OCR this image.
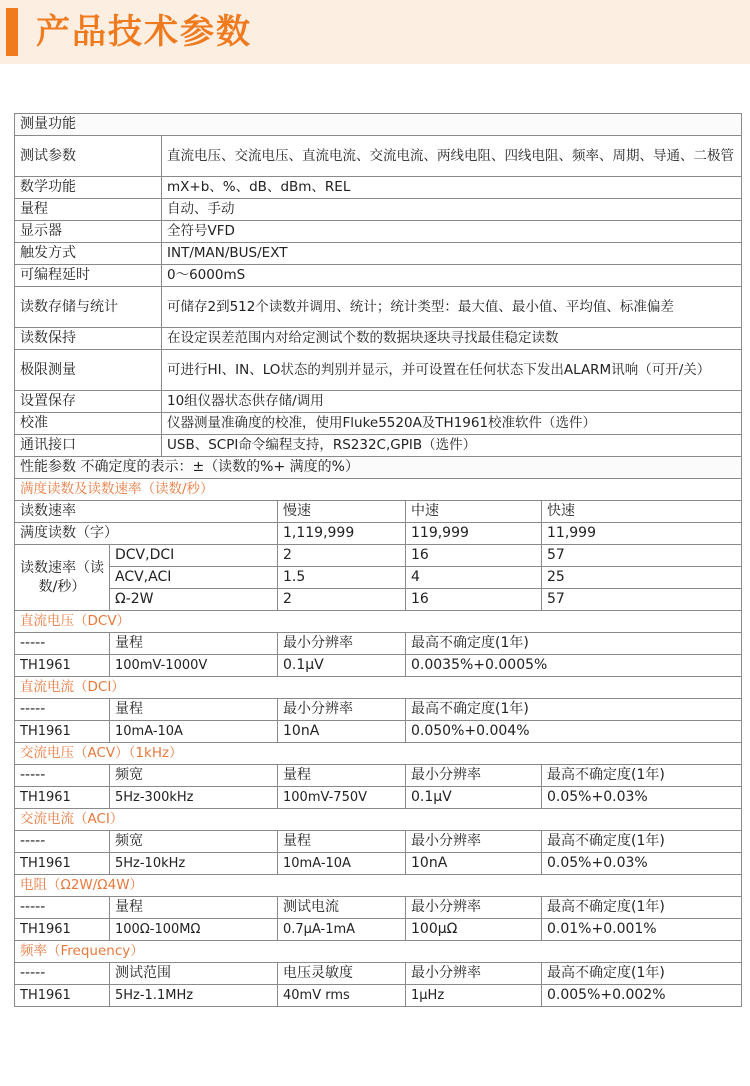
产品技术参数
测量功能					
测试参数		直流电压、交流电压、直流电流、交流电流、两线电阻、四线电阻、频率、周期、导通、二极管			
数学功能		mX+b、%、dB、dBm、REL			
量程		自动、手动			
显示器		全符号VFD			
触发方式		INT/MAN/BUS/EXT			
可编程延时		0～6000mS			
读数存储与统计		可储存2到512个读数并调用、统计；统计类型：最大值、最小值、平均值、标准偏差			
读数保持		在设定误差范围内对给定测试个数的数据块逐块寻找最佳稳定读数			
极限测量		可进行HI、IN、LO状态的判别并显示，并可设置在任何状态下发出ALARM讯响（可开/关）			
设置保存		10组仪器状态供存储/调用			
校准		仪器测量准确度的校准，使用Fluke5520A及TH1961校准软件（选件）			
通讯接口		USB、SCPI命令编程支持，RS232C,GPIB（选件）			
性能参数 不确定度的表示：±（读数的%+ 满度的%）					
满度读数及读数速率（读数/秒）					
读数速率			慢速	中速	快速
满度读数（字）			1,119,999	119,999	11,999
读数速率（读数/秒）	DCV,DCI		2	16	57
	ACV,ACI		1.5	4	25
	Ω-2W		2	16	57
直流电压（DCV）					
-----	量程		最小分辨率	最高不确定度(1年)	
TH1961	100mV-1000V		0.1μV	0.0035%+0.0005%	
直流电流（DCI）					
-----	量程		最小分辨率	最高不确定度(1年)	
TH1961	10mA-10A		10nA	0.050%+0.004%	
交流电压（ACV）（1kHz）					
-----	频宽		量程	最小分辨率	最高不确定度(1年)
TH1961	5Hz-300kHz		100mV-750V	0.1μV	0.05%+0.03%
交流电流（ACI）					
-----	频宽		量程	最小分辨率	最高不确定度(1年)
TH1961	5Hz-10kHz		10mA-10A	10nA	0.05%+0.03%
电阻（Ω2W/Ω4W）					
-----	量程		测试电流	最小分辨率	最高不确定度(1年)
TH1961	100Ω-100MΩ		0.7μA-1mA	100μΩ	0.01%+0.001%
频率（Frequency）					
-----	测试范围		电压灵敏度	最小分辨率	最高不确定度(1年)
TH1961	5Hz-1.1MHz		40mV rms	1μHz	0.005%+0.002%
